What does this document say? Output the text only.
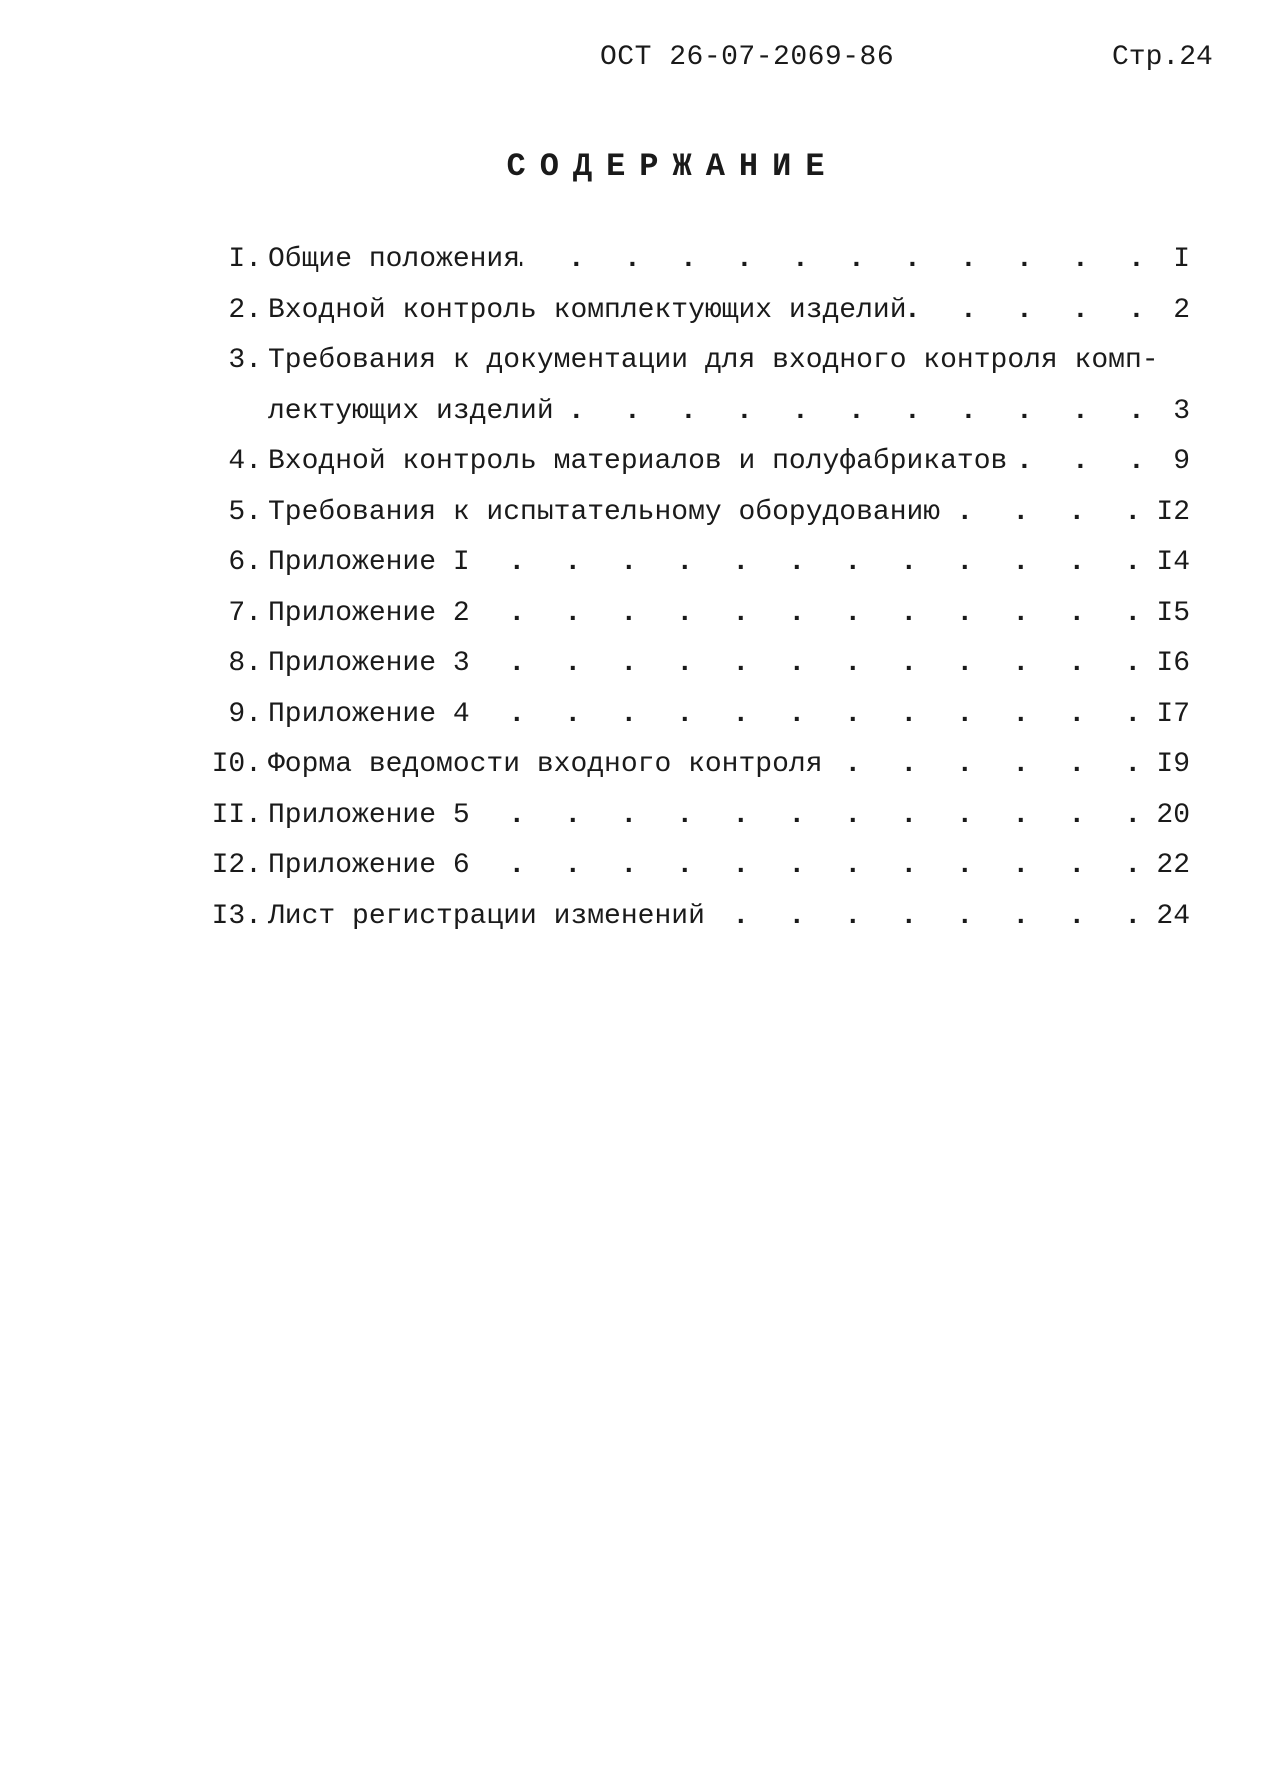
ОСТ 26-07-2069-86	Стр.24
СОДЕРЖАНИЕ
I. Общие положения . . .	I
2. Входной контроль комплектующих изделий . . .	2
3. Требования к документации для входного контроля комп-
лектующих изделий . . .	3
4. Входной контроль материалов и полуфабрикатов . . .	9
5. Требования к испытательному оборудованию . . .	I2
6. Приложение I . . .	I4
7. Приложение 2 . . .	I5
8. Приложение 3 . . .	I6
9. Приложение 4 . . .	I7
I0. Форма ведомости входного контроля . . .	I9
II. Приложение 5 . . .	20
I2. Приложение 6 . . .	22
I3. Лист регистрации изменений . . .	24
